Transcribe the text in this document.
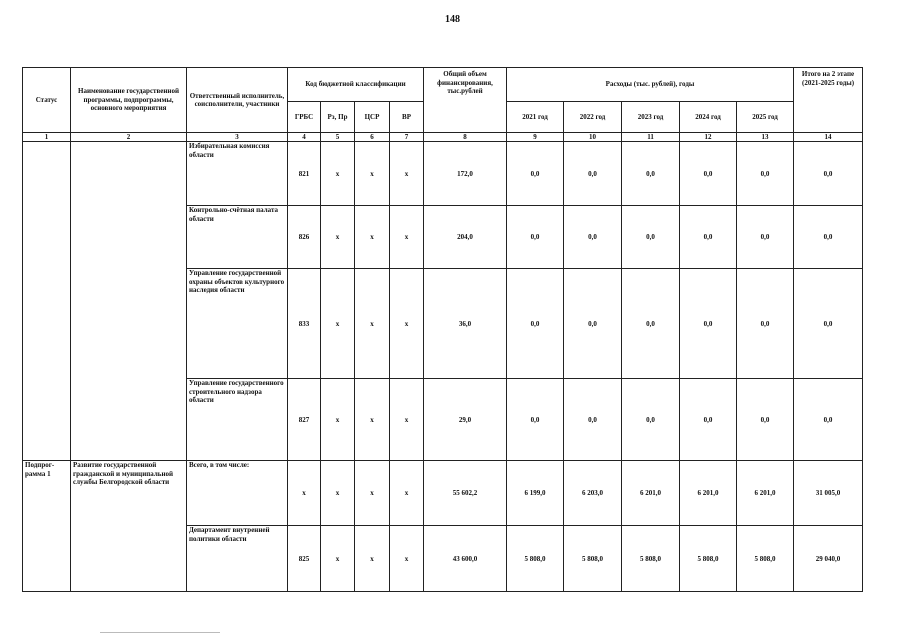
148
Статус	Наименование государственной программы, подпрограммы, основного мероприятия	Ответственный исполнитель, соисполнители, участники	Код бюджетной классификации				Общий объем финансирования, тыс.рублей	Расходы (тыс. рублей), годы					Итого на 2 этапе (2021-2025 годы)
			ГРБС	Рз, Пр	ЦСР	ВР		2021 год	2022 год	2023 год	2024 год	2025 год	
1	2	3	4	5	6	7	8	9	10	11	12	13	14
		Избирательная комиссия области	821	х	х	х	172,0	0,0	0,0	0,0	0,0	0,0	0,0
		Контрольно-счётная палата области	826	х	х	х	204,0	0,0	0,0	0,0	0,0	0,0	0,0
		Управление государственной охраны объектов культурного наследия области	833	х	х	х	36,0	0,0	0,0	0,0	0,0	0,0	0,0
		Управление государственного строительного надзора области	827	х	х	х	29,0	0,0	0,0	0,0	0,0	0,0	0,0
Подпрог-рамма 1	Развитие государственной гражданской и муниципальной службы Белгородской области	Всего, в том числе:	х	х	х	х	55 602,2	6 199,0	6 203,0	6 201,0	6 201,0	6 201,0	31 005,0
		Департамент внутренней политики области	825	х	х	х	43 600,0	5 808,0	5 808,0	5 808,0	5 808,0	5 808,0	29 040,0
